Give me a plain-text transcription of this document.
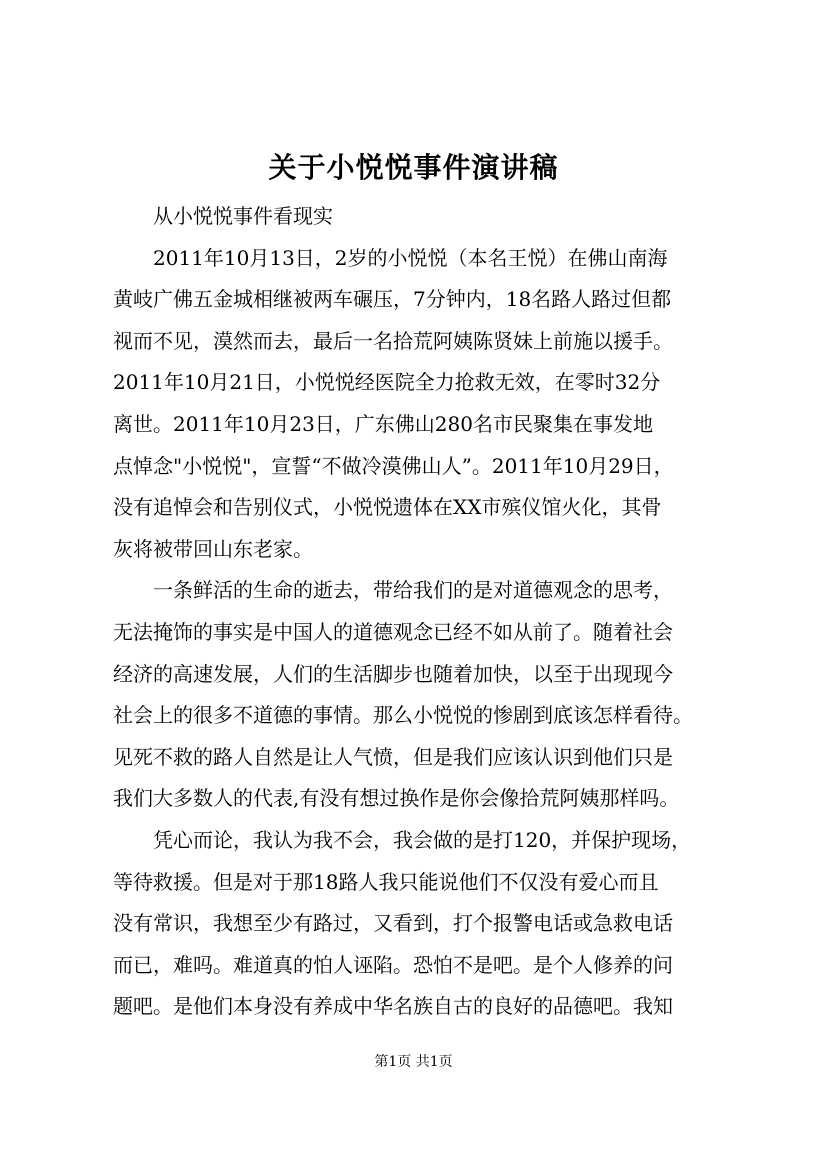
关于小悦悦事件演讲稿
从小悦悦事件看现实
2011年10月13日，2岁的小悦悦（本名王悦）在佛山南海
黄岐广佛五金城相继被两车碾压，7分钟内，18名路人路过但都
视而不见，漠然而去，最后一名拾荒阿姨陈贤妹上前施以援手。
2011年10月21日，小悦悦经医院全力抢救无效，在零时32分
离世。2011年10月23日，广东佛山280名市民聚集在事发地
点悼念"小悦悦"，宣誓“不做冷漠佛山人”。2011年10月29日，
没有追悼会和告别仪式，小悦悦遗体在XX市殡仪馆火化，其骨
灰将被带回山东老家。
一条鲜活的生命的逝去，带给我们的是对道德观念的思考，
无法掩饰的事实是中国人的道德观念已经不如从前了。随着社会
经济的高速发展，人们的生活脚步也随着加快，以至于出现现今
社会上的很多不道德的事情。那么小悦悦的惨剧到底该怎样看待。
见死不救的路人自然是让人气愤，但是我们应该认识到他们只是
我们大多数人的代表,有没有想过换作是你会像拾荒阿姨那样吗。
凭心而论，我认为我不会，我会做的是打120，并保护现场，
等待救援。但是对于那18路人我只能说他们不仅没有爱心而且
没有常识，我想至少有路过，又看到，打个报警电话或急救电话
而已，难吗。难道真的怕人诬陷。恐怕不是吧。是个人修养的问
题吧。是他们本身没有养成中华名族自古的良好的品德吧。我知
第1页 共1页
